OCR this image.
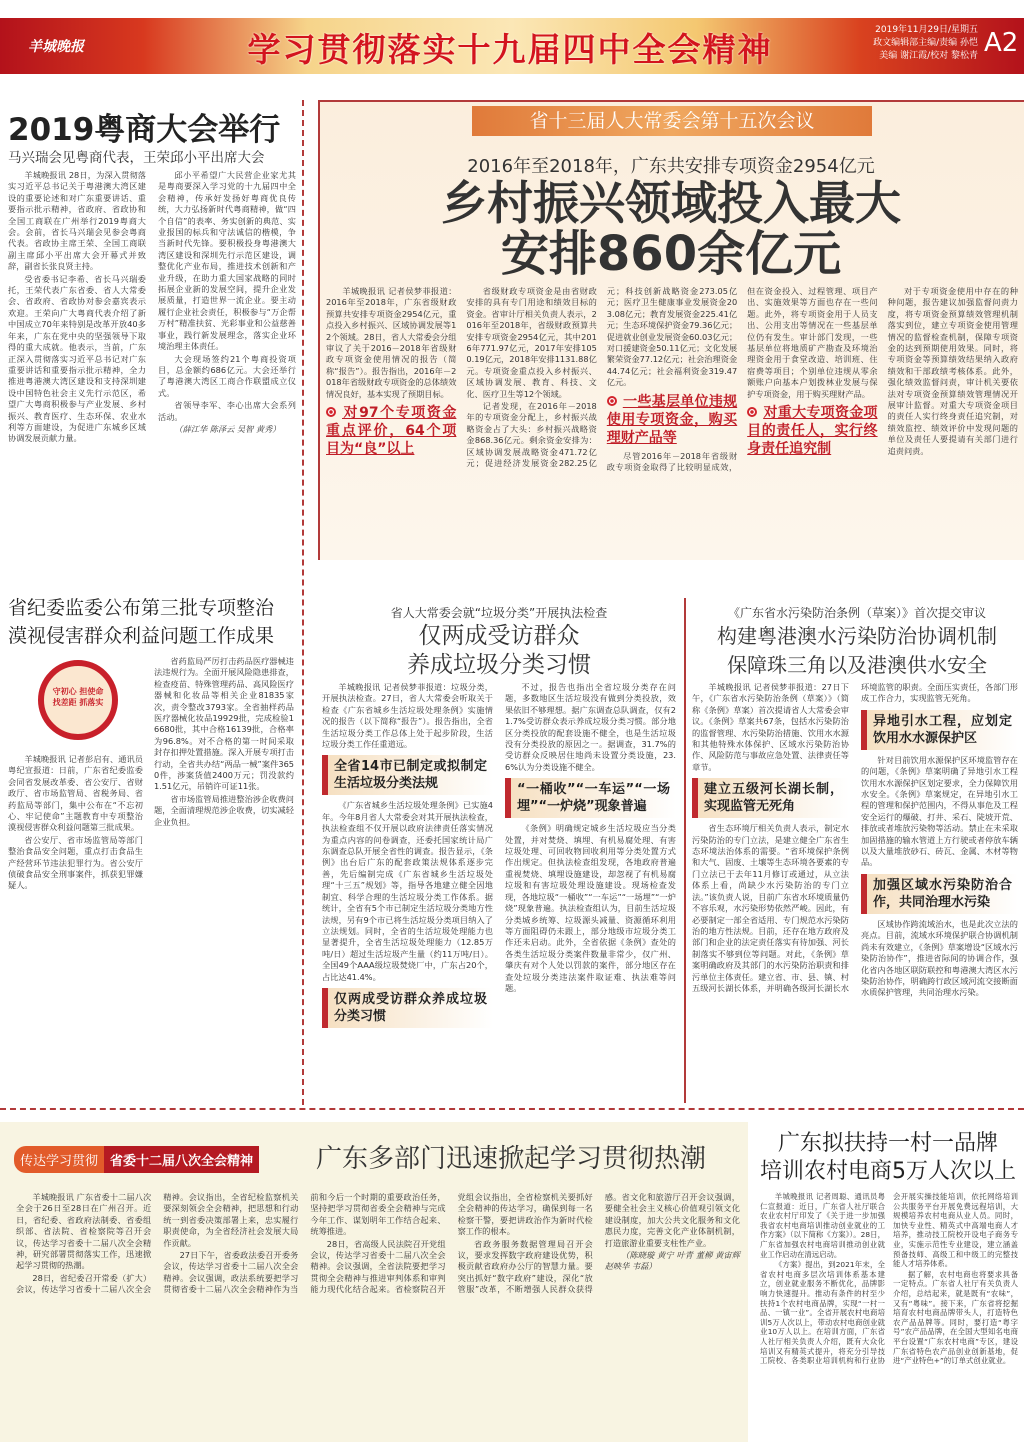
羊城晚报	学习贯彻落实十九届四中全会精神	2019年11月29日/星期五
政文编辑部主编/责编 孙恺
美编 谢江霞/校对 黎松青 A2
2019粤商大会举行
马兴瑞会见粤商代表，王荣邱小平出席大会

羊城晚报讯 28日，为深入贯彻落实习近平总书记关于粤港澳大湾区建设的重要论述和对广东重要讲话、重要指示批示精神，省政府、省政协和全国工商联在广州举行2019粤商大会。会前，省长马兴瑞会见参会粤商代表。省政协主席王荣、全国工商联副主席邱小平出席大会开幕式并致辞，副省长张良贤主持。

受省委书记李希、省长马兴瑞委托，王荣代表广东省委、省人大常委会、省政府、省政协对参会嘉宾表示欢迎。王荣向广大粤商代表介绍了新中国成立70年来特别是改革开放40多年来，广东在党中央的坚强领导下取得的重大成就。他表示，当前，广东正深入贯彻落实习近平总书记对广东重要讲话和重要指示批示精神，全力推进粤港澳大湾区建设和支持深圳建设中国特色社会主义先行示范区，希望广大粤商积极参与产业发展、乡村振兴、教育医疗、生态环保、农业水利等方面建设，为促进广东城乡区域协调发展贡献力量。

邱小平希望广大民营企业家尤其是粤商要深入学习党的十九届四中全会精神，传承好发扬好粤商优良传统，大力弘扬新时代粤商精神，做“四个自信”的表率、务实创新的典范、实业报国的标兵和守法诚信的楷模，争当新时代先锋。要积极投身粤港澳大湾区建设和深圳先行示范区建设，调整优化产业布局，推进技术创新和产业升级，在助力重大国家战略的同时拓展企业新的发展空间，提升企业发展质量，打造世界一流企业。要主动履行企业社会责任，积极参与“万企帮万村”精准扶贫、光彩事业和公益慈善事业，践行新发展理念，落实企业环境治理主体责任。

大会现场签约21个粤商投资项目，总金额约686亿元。大会还举行了粤港澳大湾区工商合作联盟成立仪式。

省领导李军、李心出席大会系列活动。

（薛江华 陈泽云 吴智 黄秀）

省纪委监委公布第三批专项整治
漠视侵害群众利益问题工作成果
守初心 担使命
找差距 抓落实

羊城晚报讯 记者彭启有、通讯员粤纪宣报道：日前，广东省纪委监委会同省发展改革委、省公安厅、省财政厅、省市场监管局、省税务局、省药监局等部门，集中公布在“不忘初心、牢记使命”主题教育中专项整治漠视侵害群众利益问题第三批成果。

省公安厅、省市场监管局等部门整治食品安全问题，重点打击食品生产经营环节违法犯罪行为。省公安厅侦破食品安全刑事案件，抓获犯罪嫌疑人。

省药监局严厉打击药品医疗器械违法违规行为。全面开展风险隐患排查，检查疫苗、特殊管理药品、高风险医疗器械和化妆品等相关企业81835家次，责令整改3793家。全省抽样药品医疗器械化妆品19929批，完成检验16680批，其中合格16139批，合格率为96.8%。对不合格的第一时间采取封存扣押处置措施。深入开展专项打击行动，全省共办结“两品一械”案件3650件，涉案货值2400万元；罚没款约1.51亿元，吊销许可证11张。

省市场监管局推进整治涉企收费问题，全面清理规范涉企收费，切实减轻企业负担。

省十三届人大常委会第十五次会议
2016年至2018年，广东共安排专项资金2954亿元
乡村振兴领域投入最大
安排860余亿元

羊城晚报讯 记者侯梦菲报道：2016年至2018年，广东省级财政预算共安排专项资金2954亿元，重点投入乡村振兴、区域协调发展等12个领域。28日，省人大常委会分组审议了关于2016－2018年省级财政专项资金使用情况的报告（简称“报告”）。报告指出，2016年－2018年省级财政专项资金的总体绩效情况良好，基本实现了预期目标。

对97个专项资金重点评价，64个项目为“良”以上

省级财政专项资金是由省财政安排的具有专门用途和绩效目标的资金。省审计厅相关负责人表示，2016年至2018年，省级财政预算共安排专项资金2954亿元，其中2016年771.97亿元，2017年安排1050.19亿元，2018年安排1131.88亿元。专项资金重点投入乡村振兴、区域协调发展、教育、科技、文化、医疗卫生等12个领域。

记者发现，在2016年－2018年的专项资金分配上，乡村振兴战略资金占了大头：乡村振兴战略资金868.36亿元。剩余资金安排为：区域协调发展战略资金471.72亿元；促进经济发展资金282.25亿元；科技创新战略资金273.05亿元；医疗卫生健康事业发展资金203.08亿元；教育发展资金225.41亿元；生态环境保护资金79.36亿元；促进就业创业发展资金60.03亿元；对口援建资金50.11亿元；文化发展繁荣资金77.12亿元；社会治理资金44.74亿元；社会福利资金319.47亿元。

一些基层单位违规使用专项资金，购买理财产品等

尽管2016年－2018年省级财政专项资金取得了比较明显成效，但在资金投入、过程管理、项目产出、实施效果等方面也存在一些问题。此外，将专项资金用于人员支出、公用支出等情况在一些基层单位仍有发生。审计部门发现，一些基层单位将地质矿产勘查及环境治理资金用于食堂改造、培训班、住宿费等项目；个别单位违规从零余额账户向基本户划拨林业发展与保护专项资金，用于购买理财产品。

对重大专项资金项目的责任人，实行终身责任追究制

对于专项资金使用中存在的种种问题，报告建议加强监督问责力度，将专项资金预算绩效管理机制落实到位，建立专项资金使用管理情况的监督检查机制，保障专项资金的达到预期使用效果。同时，将专项资金等预算绩效结果纳入政府绩效和干部政绩考核体系。此外，强化绩效监督问责，审计机关要依法对专项资金预算绩效管理情况开展审计监督。对重大专项资金项目的责任人实行终身责任追究制，对绩效监控、绩效评价中发现问题的单位及责任人要提请有关部门进行追责问责。

省人大常委会就“垃圾分类”开展执法检查
仅两成受访群众
养成垃圾分类习惯

羊城晚报讯 记者侯梦菲报道：垃圾分类，开展执法检查。27日，省人大常委会听取关于检查《广东省城乡生活垃圾处理条例》实施情况的报告（以下简称“报告”）。报告指出，全省生活垃圾分类工作总体上处于起步阶段，生活垃圾分类工作任重道远。

全省14市已制定或拟制定生活垃圾分类法规

《广东省城乡生活垃圾处理条例》已实施4年。今年8月省人大常委会对其开展执法检查，执法检查组不仅开展以政府法律责任落实情况为重点内容的问卷调查，还委托国家统计局广东调查总队开展全省性的调查。报告显示，《条例》出台后广东的配套政策法规体系逐步完善，先后编制完成《广东省城乡生活垃圾处理“十三五”规划》等，指导各地建立健全因地制宜、科学合理的生活垃圾分类工作体系。据统计，全省有5个市已制定生活垃圾分类地方性法规，另有9个市已将生活垃圾分类项目纳入了立法规划。同时，全省的生活垃圾处理能力也显著提升，全省生活垃圾处理能力（12.85万吨/日）超过生活垃圾产生量（约11万吨/日）。全国49个AAA级垃圾焚烧厂中，广东占20个，占比达41.4%。

仅两成受访群众养成垃圾分类习惯

不过，报告也指出全省垃圾分类存在问题，多数地区生活垃圾没有做到分类投放，效果依旧不够理想。据广东调查总队调查，仅有21.7%受访群众表示养成垃圾分类习惯。部分地区分类投放的配套设施不健全，也是生活垃圾没有分类投放的原因之一。据调查，31.7%的受访群众反映居住地尚未设置分类设施，23.6%认为分类设施不健全。

“一桶收”“一车运”“一场埋”“一炉烧”现象普遍

《条例》明确规定城乡生活垃圾应当分类处置，并对焚烧、填埋、有机易腐处理、有害垃圾处理、可回收物回收利用等分类处置方式作出规定。但执法检查组发现，各地政府普遍重视焚烧、填埋设施建设，却忽视了有机易腐垃圾和有害垃圾处理设施建设。现场检查发现，各地垃圾“一桶收”“一车运”“一场埋”“一炉烧”现象普遍。执法检查组认为，目前生活垃圾分类城乡统筹、垃圾源头减量、资源循环利用等方面阻碍仍未跟上，部分地级市垃圾分类工作还未启动。此外，全省依据《条例》查处的各类生活垃圾分类案件数量非常少，仅广州、肇庆有对个人处以罚款的案件，部分地区存在查处垃圾分类违法案件取证难、执法难等问题。

《广东省水污染防治条例（草案）》首次提交审议
构建粤港澳水污染防治协调机制
保障珠三角以及港澳供水安全

羊城晚报讯 记者侯梦菲报道：27日下午，《广东省水污染防治条例（草案）》（简称《条例》草案）首次提请省人大常委会审议。《条例》草案共67条，包括水污染防治的监督管理、水污染防治措施、饮用水水源和其他特殊水体保护、区域水污染防治协作、风险防范与事故应急处置、法律责任等章节。

建立五级河长湖长制，实现监管无死角

省生态环境厅相关负责人表示，制定水污染防治的专门立法，是建立健全广东省生态环境法治体系的需要。“省环境保护条例和大气、固废、土壤等生态环境各要素的专门立法已于去年11月修订或通过，从立法体系上看，尚缺少水污染防治的专门立法。”该负责人说，目前广东省水环境质量仍不容乐观，水污染形势依然严峻。因此，有必要制定一部全省适用、专门规范水污染防治的地方性法规。目前，还存在地方政府及部门和企业的法定责任落实有待加强、河长制落实不够到位等问题。对此，《条例》草案明确政府及其部门的水污染防治职责和排污单位主体责任。建立省、市、县、镇、村五级河长湖长体系，并明确各级河长湖长水环境监管的职责。全面压实责任，各部门形成工作合力，实现监管无死角。

异地引水工程，应划定饮用水水源保护区

针对目前饮用水源保护区环境监管存在的问题，《条例》草案明确了异地引水工程饮用水水源保护区划定要求，全力保障饮用水安全。《条例》草案规定，在异地引水工程的管理和保护范围内，不得从事危及工程安全运行的爆破、打井、采石、陡坡开荒、排放或者堆放污染物等活动。禁止在未采取加固措施的输水管道上方行驶或者停放车辆以及大量堆放砂石、砖瓦、金属、木材等物品。

加强区域水污染防治合作，共同治理水污染

区域协作跨流域治水，也是此次立法的亮点。目前，流域水环境保护联合协调机制尚未有效建立，《条例》草案增设“区域水污染防治协作”，推进省际间的协调合作，强化省内各地区联防联控和粤港澳大湾区水污染防治协作，明确跨行政区域河流交接断面水质保护管理，共同治理水污染。

传达学习贯彻 省委十二届八次全会精神	广东多部门迅速掀起学习贯彻热潮

羊城晚报讯 广东省委十二届八次全会于26日至28日在广州召开。近日，省纪委、省政府法制委、省委组织部、省法院、省检察院等召开会议，传达学习省委十二届八次全会精神，研究部署贯彻落实工作，迅速掀起学习贯彻的热潮。

28日，省纪委召开常委（扩大）会议，传达学习省委十二届八次全会精神。会议指出，全省纪检监察机关要深刻领会全会精神，把思想和行动统一到省委决策部署上来，忠实履行职责使命，为全省经济社会发展大局作贡献。

27日下午，省委政法委召开委务会议，传达学习省委十二届八次全会精神。会议强调，政法系统要把学习贯彻省委十二届八次全会精神作为当前和今后一个时期的重要政治任务，坚持把学习贯彻省委全会精神与完成今年工作、谋划明年工作结合起来、统筹推进。

28日，省高级人民法院召开党组会议，传达学习省委十二届八次全会精神。会议强调，全省法院要把学习贯彻全会精神与推进审判体系和审判能力现代化结合起来。省检察院召开党组会议指出，全省检察机关要抓好全会精神的传达学习，确保到每一名检察干警，要把讲政治作为新时代检察工作的根本。

省政务服务数据管理局召开会议，要求发挥数字政府建设优势，积极贡献省政府办公厅的智慧力量。要突出抓好“数字政府”建设，深化“放管服”改革，不断增强人民群众获得感。省文化和旅游厅召开会议强调，要健全社会主义核心价值观引领文化建设制度，加大公共文化服务和文化惠民力度，完善文化产业体制机制，打造旅游业重要支柱性产业。

（陈晓璇 黄宁 叶青 董柳 黄宙辉 赵映华 韦磊）

广东拟扶持一村一品牌
培训农村电商5万人次以上

羊城晚报讯 记者周聪、通讯员粤仁宣报道：近日，广东省人社厅联合农业农村厅印发了《关于进一步加强我省农村电商培训推动创业就业的工作方案》（以下简称《方案》）。28日，广东省加强农村电商培训推动创业就业工作启动在清远启动。

《方案》提出，到2021年末，全省农村电商多层次培训体系基本建立，创业就业服务不断优化，品牌影响力快速提升。推动有条件的村至少扶持1个农村电商品牌，实现“一村一品、一镇一业”。全省开展农村电商培训5万人次以上，带动农村电商创业就业10万人以上。在培训方面，广东省人社厅相关负责人介绍，既有大众化培训又有精英式提升，将充分引导技工院校、各类职业培训机构和行业协会开展实操技能培训，依托网络培训公共服务平台开展免费远程培训，大规模培养农村电商从业人员。同时，加快专业性、精英式中高端电商人才培养，推动技工院校开设电子商务专业，实施示范性专业建设，建立涵盖预备技师、高级工和中级工的完整技能人才培养体系。

据了解，农村电商也将要求具备一定特点。广东省人社厅有关负责人介绍，总结起来，就是既有“农味”，又有“粤味”。接下来，广东省将挖掘培育农村电商品牌带头人，打造特色农产品品牌等。同时，要打造“粤字号”农产品品牌，在全国大型知名电商平台设置“广东农村电商”专区，建设广东省特色农产品创业创新基地，促进“产业特色+”的订单式创业就业。
